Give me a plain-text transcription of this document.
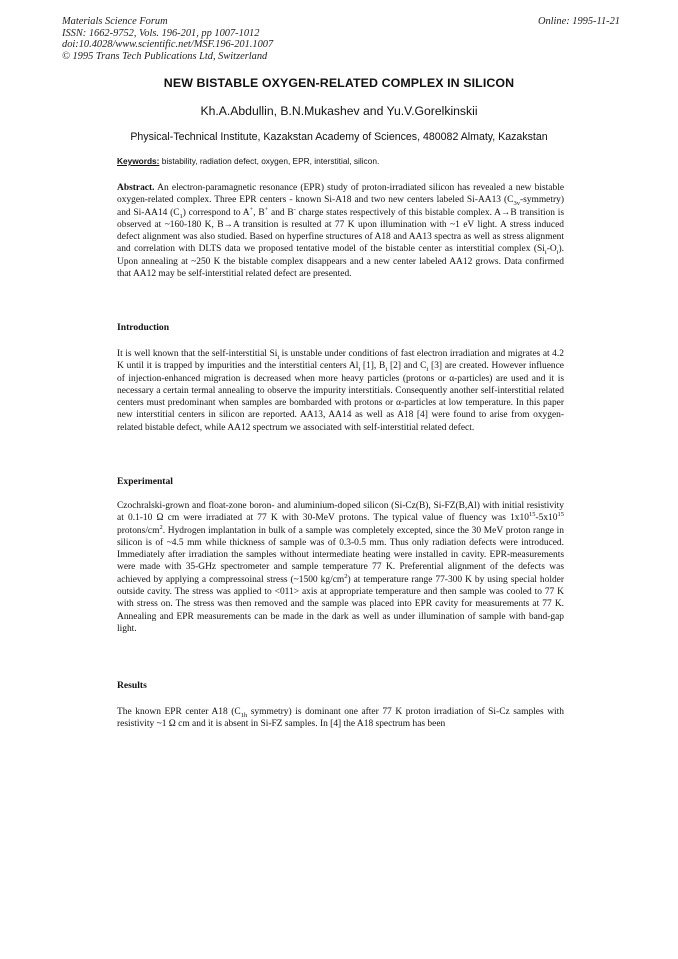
Materials Science Forum
ISSN: 1662-9752, Vols. 196-201, pp 1007-1012
doi:10.4028/www.scientific.net/MSF.196-201.1007
© 1995 Trans Tech Publications Ltd, Switzerland
Online: 1995-11-21
NEW BISTABLE OXYGEN-RELATED COMPLEX IN SILICON
Kh.A.Abdullin, B.N.Mukashev and Yu.V.Gorelkinskii
Physical-Technical Institute, Kazakstan Academy of Sciences, 480082 Almaty, Kazakstan
Keywords: bistability, radiation defect, oxygen, EPR, interstitial, silicon.

Abstract. An electron-paramagnetic resonance (EPR) study of proton-irradiated silicon has revealed a new bistable oxygen-related complex. Three EPR centers - known Si-A18 and two new centers labeled Si-AA13 $(C_{3v}-symmetry)$ and Si-AA14 $(C_1)$ correspond to A+, B+ and B- charge states respectively of this bistable complex. A→B transition is observed at ~160-180 K, B→A transition is resulted at 77 K upon illumination with ~1 eV light. A stress induced defect alignment was also studied. Based on hyperfine structures of A18 and AA13 spectra as well as stress alignment and correlation with DLTS data we proposed tentative model of the bistable center as interstitial complex $(Si_i-O_i)$. Upon annealing at ~250 K the bistable complex disappears and a new center labeled AA12 grows. Data confirmed that AA12 may be self-interstitial related defect are presented.

Introduction

It is well known that the self-interstitial $Si_i$ is unstable under conditions of fast electron irradiation and migrates at 4.2 K until it is trapped by impurities and the interstitial centers $Al_i$ [1], $B_i$ [2] and $C_i$ [3] are created. However influence of injection-enhanced migration is decreased when more heavy particles (protons or α-particles) are used and it is necessary a certain termal annealing to observe the impurity interstitials. Consequently another self-interstitial related centers must predominant when samples are bombarded with protons or α-particles at low temperature. In this paper new interstitial centers in silicon are reported. AA13, AA14 as well as A18 [4] were found to arise from oxygen-related bistable defect, while AA12 spectrum we associated with self-interstitial related defect.

Experimental

Czochralski-grown and float-zone boron- and aluminium-doped silicon (Si-Cz(B), Si-FZ(B,Al) with initial resistivity at 0.1-10 Ω cm were irradiated at 77 K with 30-MeV protons. The typical value of fluency was $1x10^{15}-5x10^{15}$ protons/$cm^2$. Hydrogen implantation in bulk of a sample was completely excepted, since the 30 MeV proton range in silicon is of ~4.5 mm while thickness of sample was of 0.3-0.5 mm. Thus only radiation defects were introduced. Immediately after irradiation the samples without intermediate heating were installed in cavity. EPR-measurements were made with 35-GHz spectrometer and sample temperature 77 K. Preferential alignment of the defects was achieved by applying a compressoinal stress (~1500 $kg/cm^2$) at temperature range 77-300 K by using special holder outside cavity. The stress was applied to <011> axis at appropriate temperature and then sample was cooled to 77 K with stress on. The stress was then removed and the sample was placed into EPR cavity for measurements at 77 K. Annealing and EPR measurements can be made in the dark as well as under illumination of sample with band-gap light.

Results

The known EPR center A18 ($C_{1h}$ symmetry) is dominant one after 77 K proton irradiation of Si-Cz samples with resistivity ~1 Ω cm and it is absent in Si-FZ samples. In [4] the A18 spectrum has been
